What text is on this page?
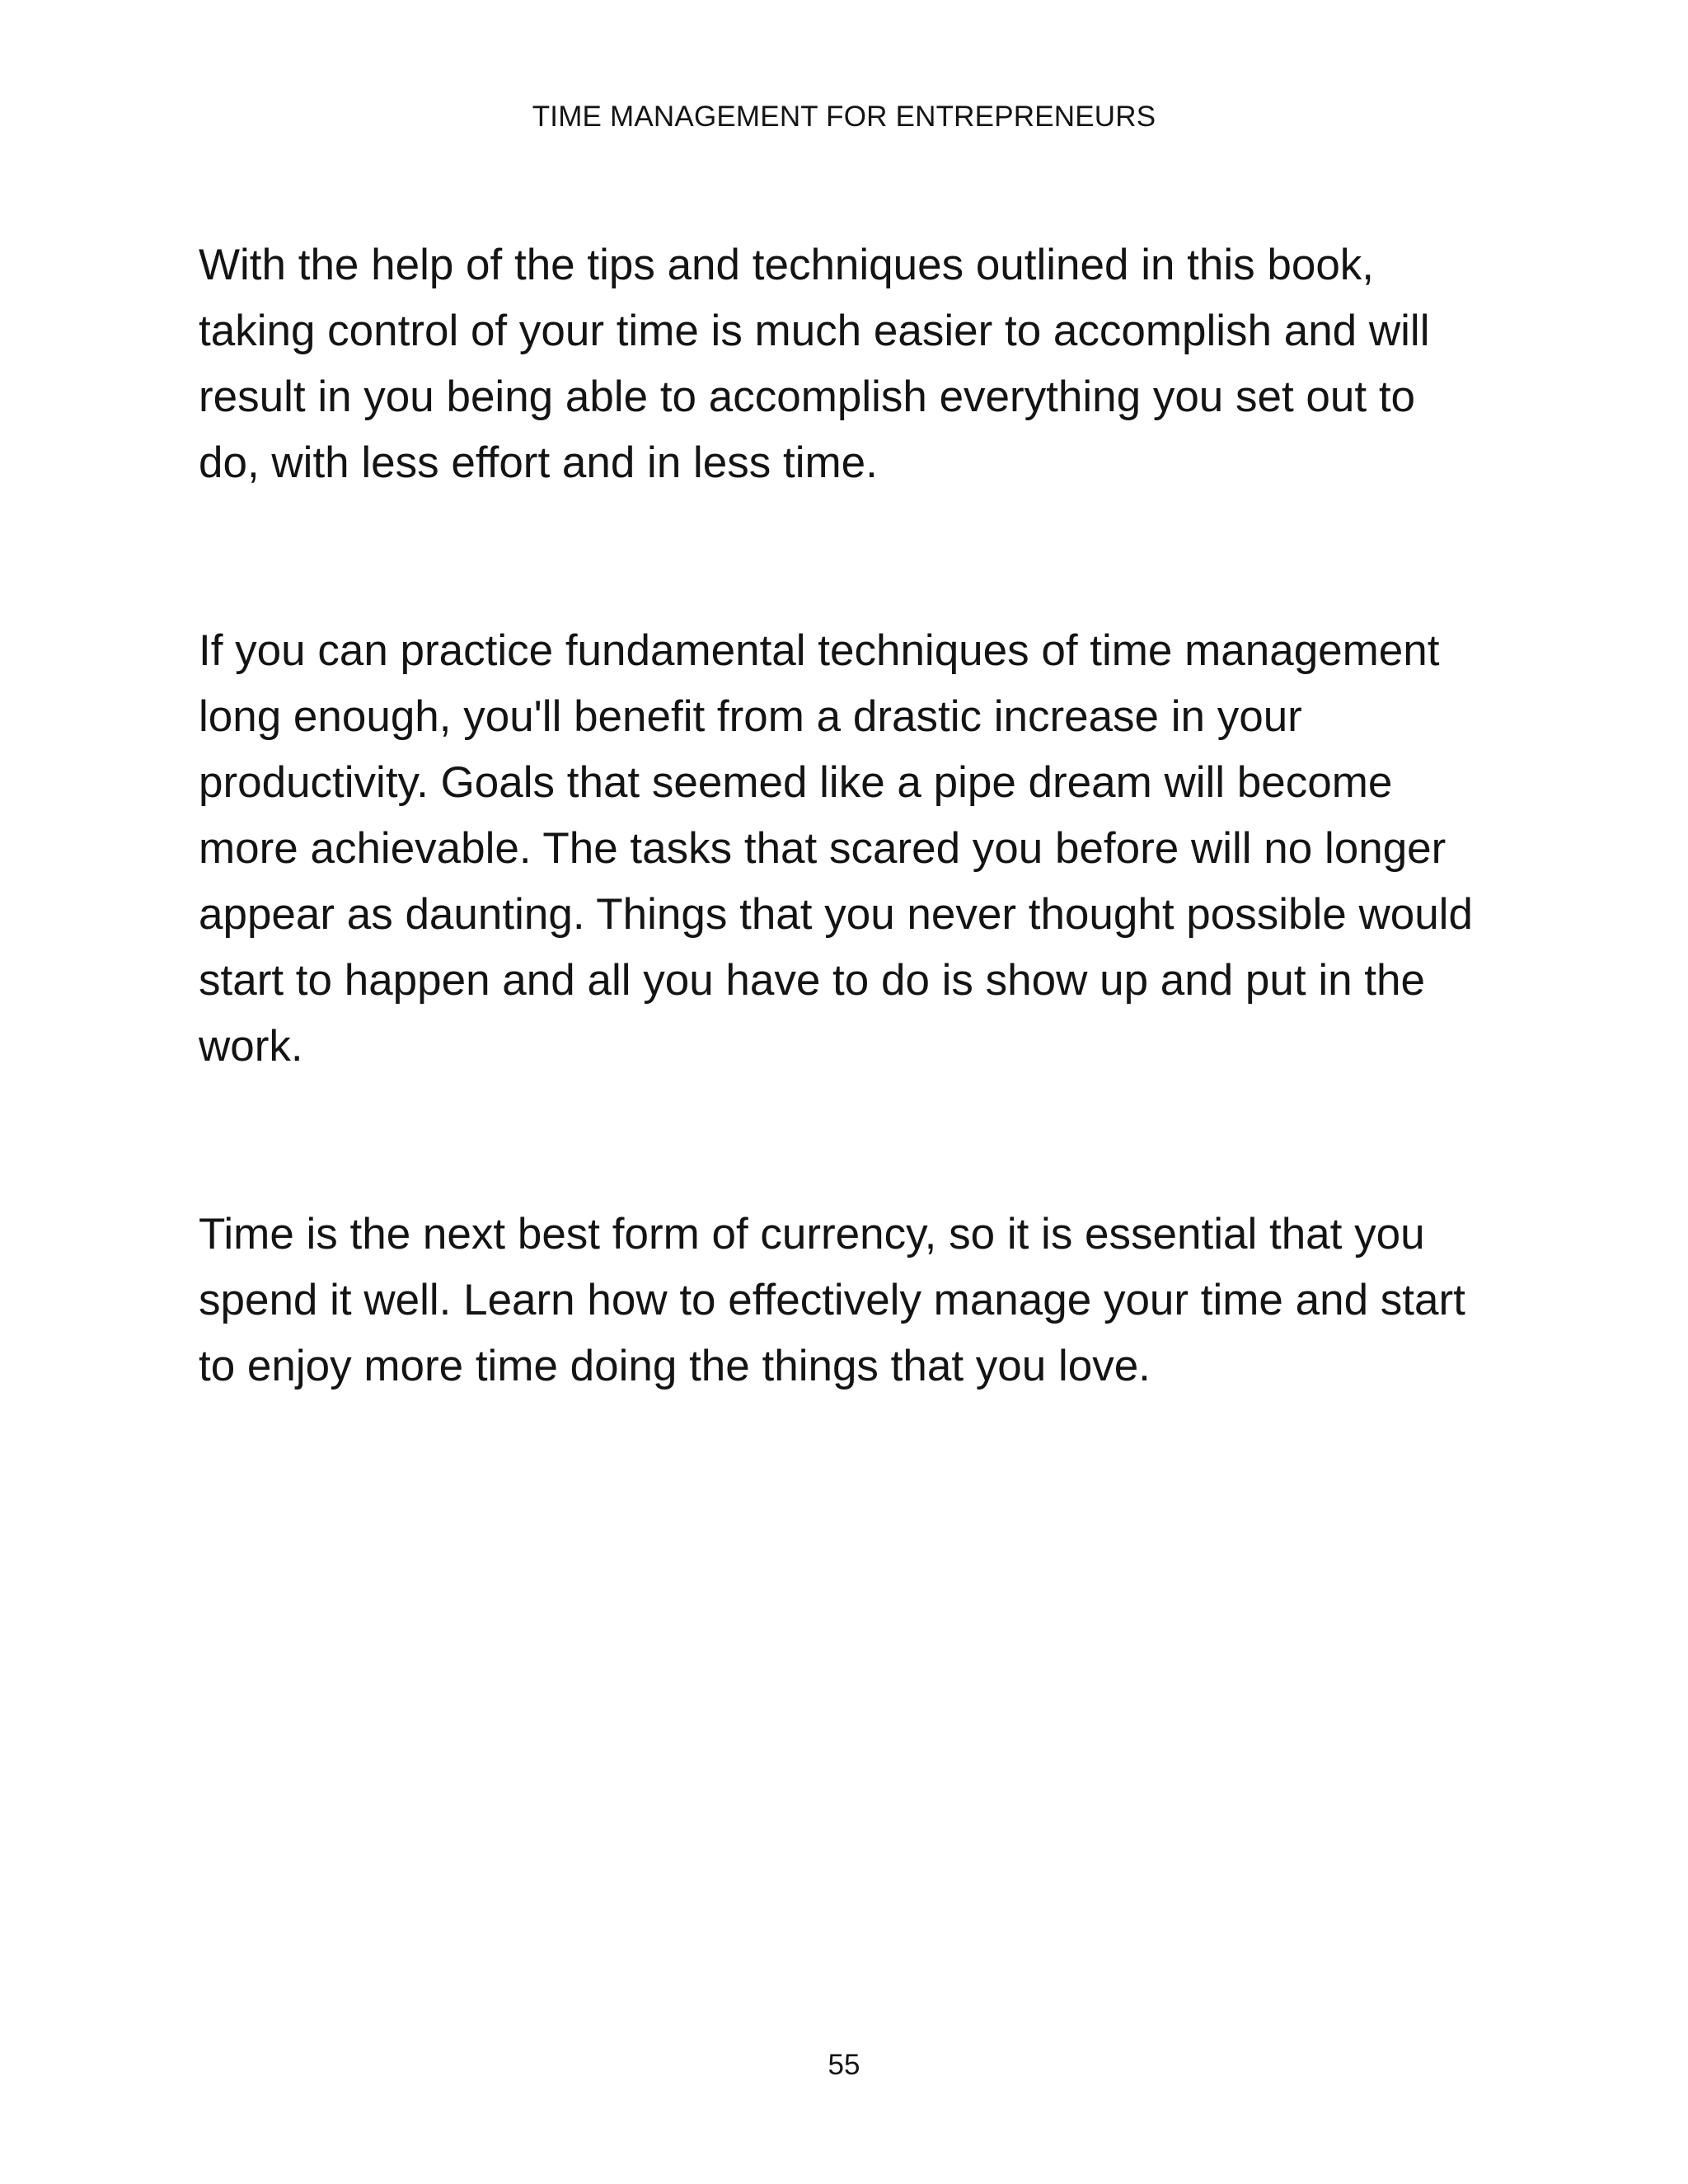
TIME MANAGEMENT FOR ENTREPRENEURS

With the help of the tips and techniques outlined in this book,
taking control of your time is much easier to accomplish and will
result in you being able to accomplish everything you set out to
do, with less effort and in less time.

If you can practice fundamental techniques of time management
long enough, you'll benefit from a drastic increase in your
productivity. Goals that seemed like a pipe dream will become
more achievable. The tasks that scared you before will no longer
appear as daunting. Things that you never thought possible would
start to happen and all you have to do is show up and put in the
work.

Time is the next best form of currency, so it is essential that you
spend it well. Learn how to effectively manage your time and start
to enjoy more time doing the things that you love.

55
